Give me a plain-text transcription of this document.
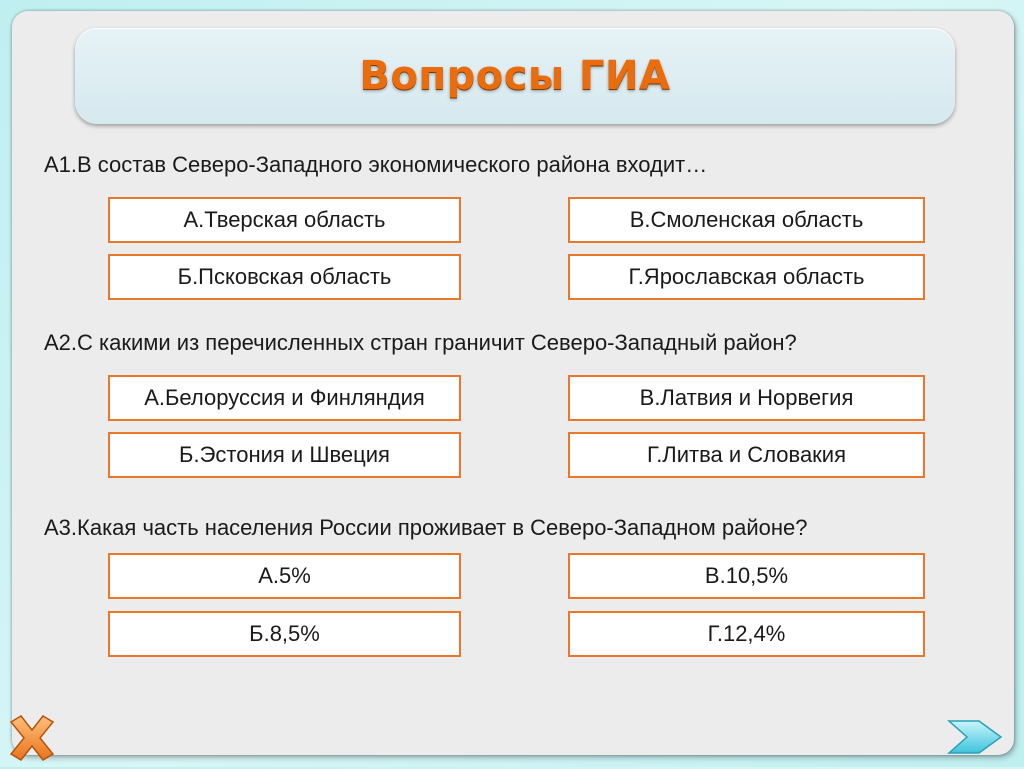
Вопросы ГИА
А1.В состав Северо-Западного экономического района входит…
А.Тверская область	В.Смоленская область
Б.Псковская область	Г.Ярославская область
А2.С какими из перечисленных стран граничит Северо-Западный район?
А.Белоруссия и Финляндия	В.Латвия и Норвегия
Б.Эстония и Швеция	Г.Литва и Словакия
А3.Какая часть населения России проживает в Северо-Западном районе?
А.5%	В.10,5%
Б.8,5%	Г.12,4%
